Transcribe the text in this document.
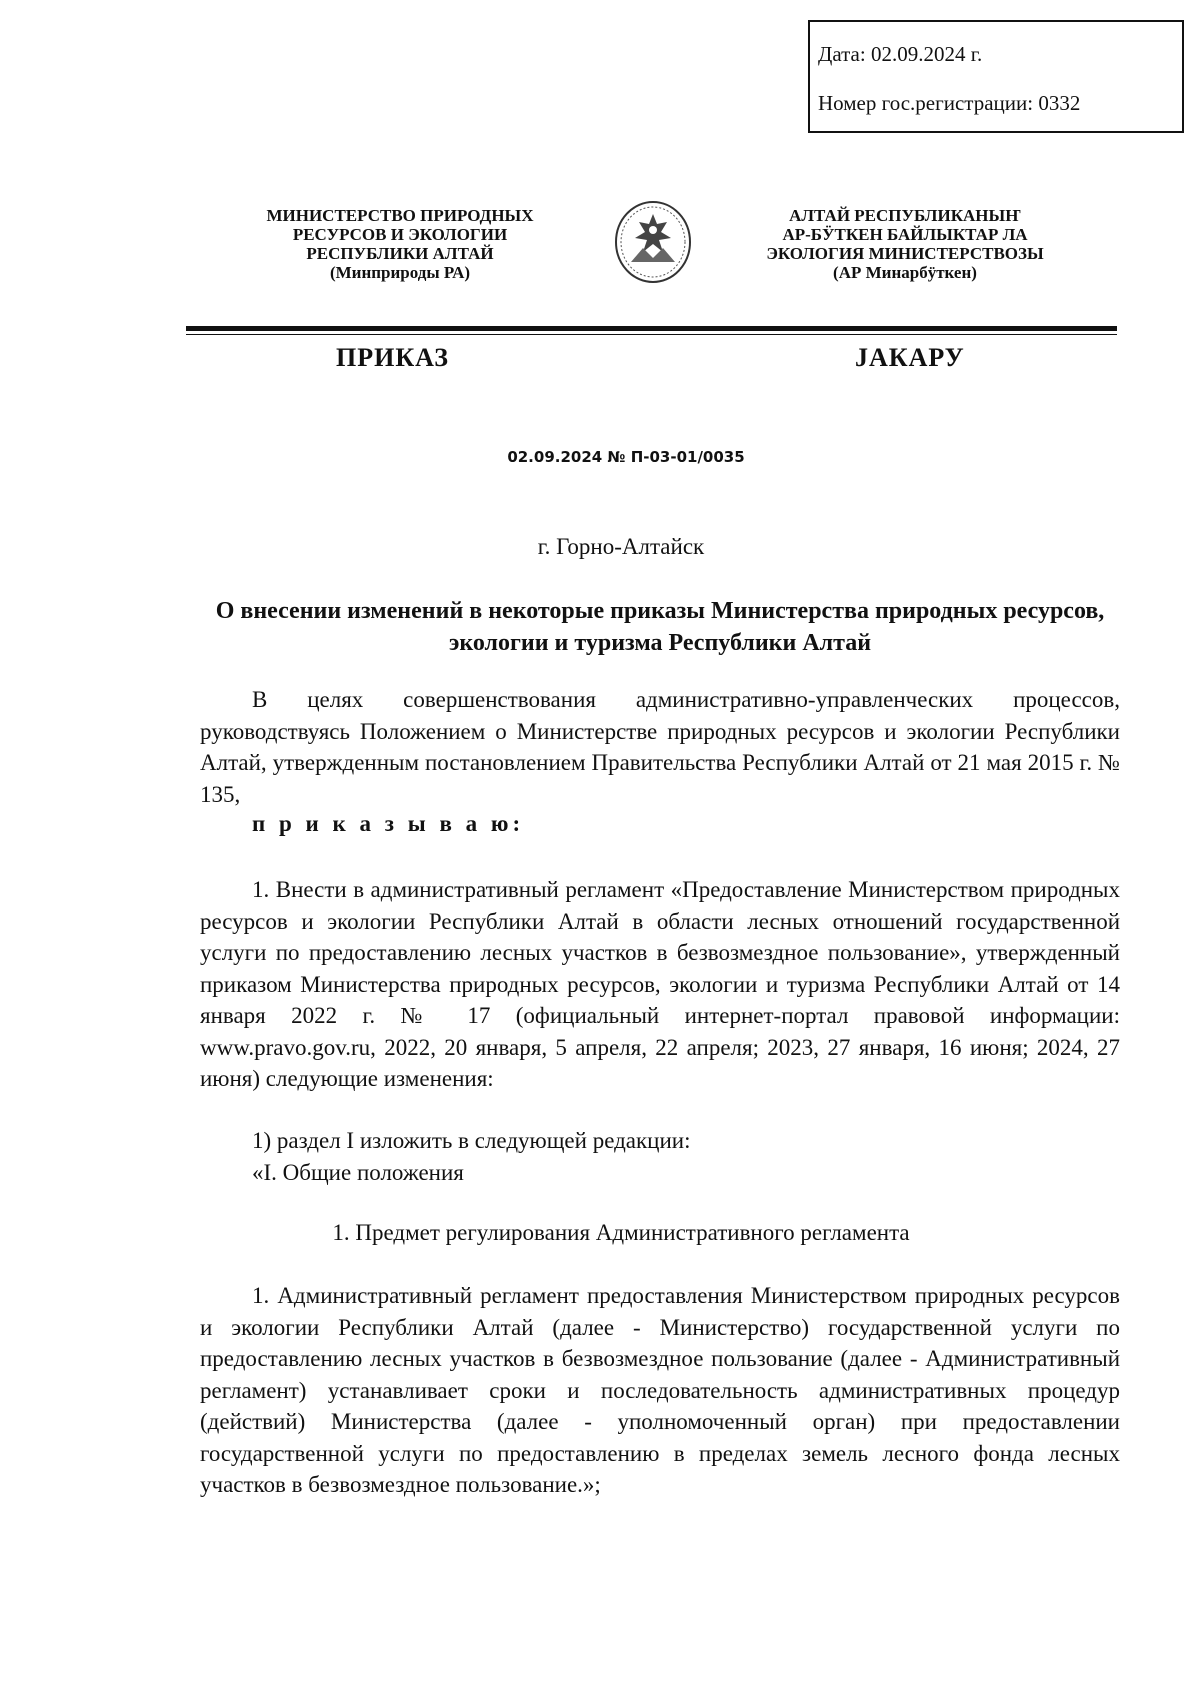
Дата: 02.09.2024 г.
Номер гос.регистрации: 0332
МИНИСТЕРСТВО ПРИРОДНЫХ
РЕСУРСОВ И ЭКОЛОГИИ
РЕСПУБЛИКИ АЛТАЙ
(Минприроды РА)
АЛТАЙ РЕСПУБЛИКАНЫҤ
АР-БӰТКЕН БАЙЛЫКТАР ЛА
ЭКОЛОГИЯ МИНИСТЕРСТВОЗЫ
(АР Минарбӱткен)
ПРИКАЗ	JАКАРУ
02.09.2024 № П-03-01/0035
г. Горно-Алтайск
О внесении изменений в некоторые приказы Министерства природных ресурсов, экологии и туризма Республики Алтай
В целях совершенствования административно-управленческих процессов, руководствуясь Положением о Министерстве природных ресурсов и экологии Республики Алтай, утвержденным постановлением Правительства Республики Алтай от 21 мая 2015 г. № 135,
п р и к а з ы в а ю:
1. Внести в административный регламент «Предоставление Министерством природных ресурсов и экологии Республики Алтай в области лесных отношений государственной услуги по предоставлению лесных участков в безвозмездное пользование», утвержденный приказом Министерства природных ресурсов, экологии и туризма Республики Алтай от 14 января 2022 г. № 17 (официальный интернет-портал правовой информации: www.pravo.gov.ru, 2022, 20 января, 5 апреля, 22 апреля; 2023, 27 января, 16 июня; 2024, 27 июня) следующие изменения:
1) раздел I изложить в следующей редакции:
«I. Общие положения
1. Предмет регулирования Административного регламента
1. Административный регламент предоставления Министерством природных ресурсов и экологии Республики Алтай (далее - Министерство) государственной услуги по предоставлению лесных участков в безвозмездное пользование (далее - Административный регламент) устанавливает сроки и последовательность административных процедур (действий) Министерства (далее - уполномоченный орган) при предоставлении государственной услуги по предоставлению в пределах земель лесного фонда лесных участков в безвозмездное пользование.»;
